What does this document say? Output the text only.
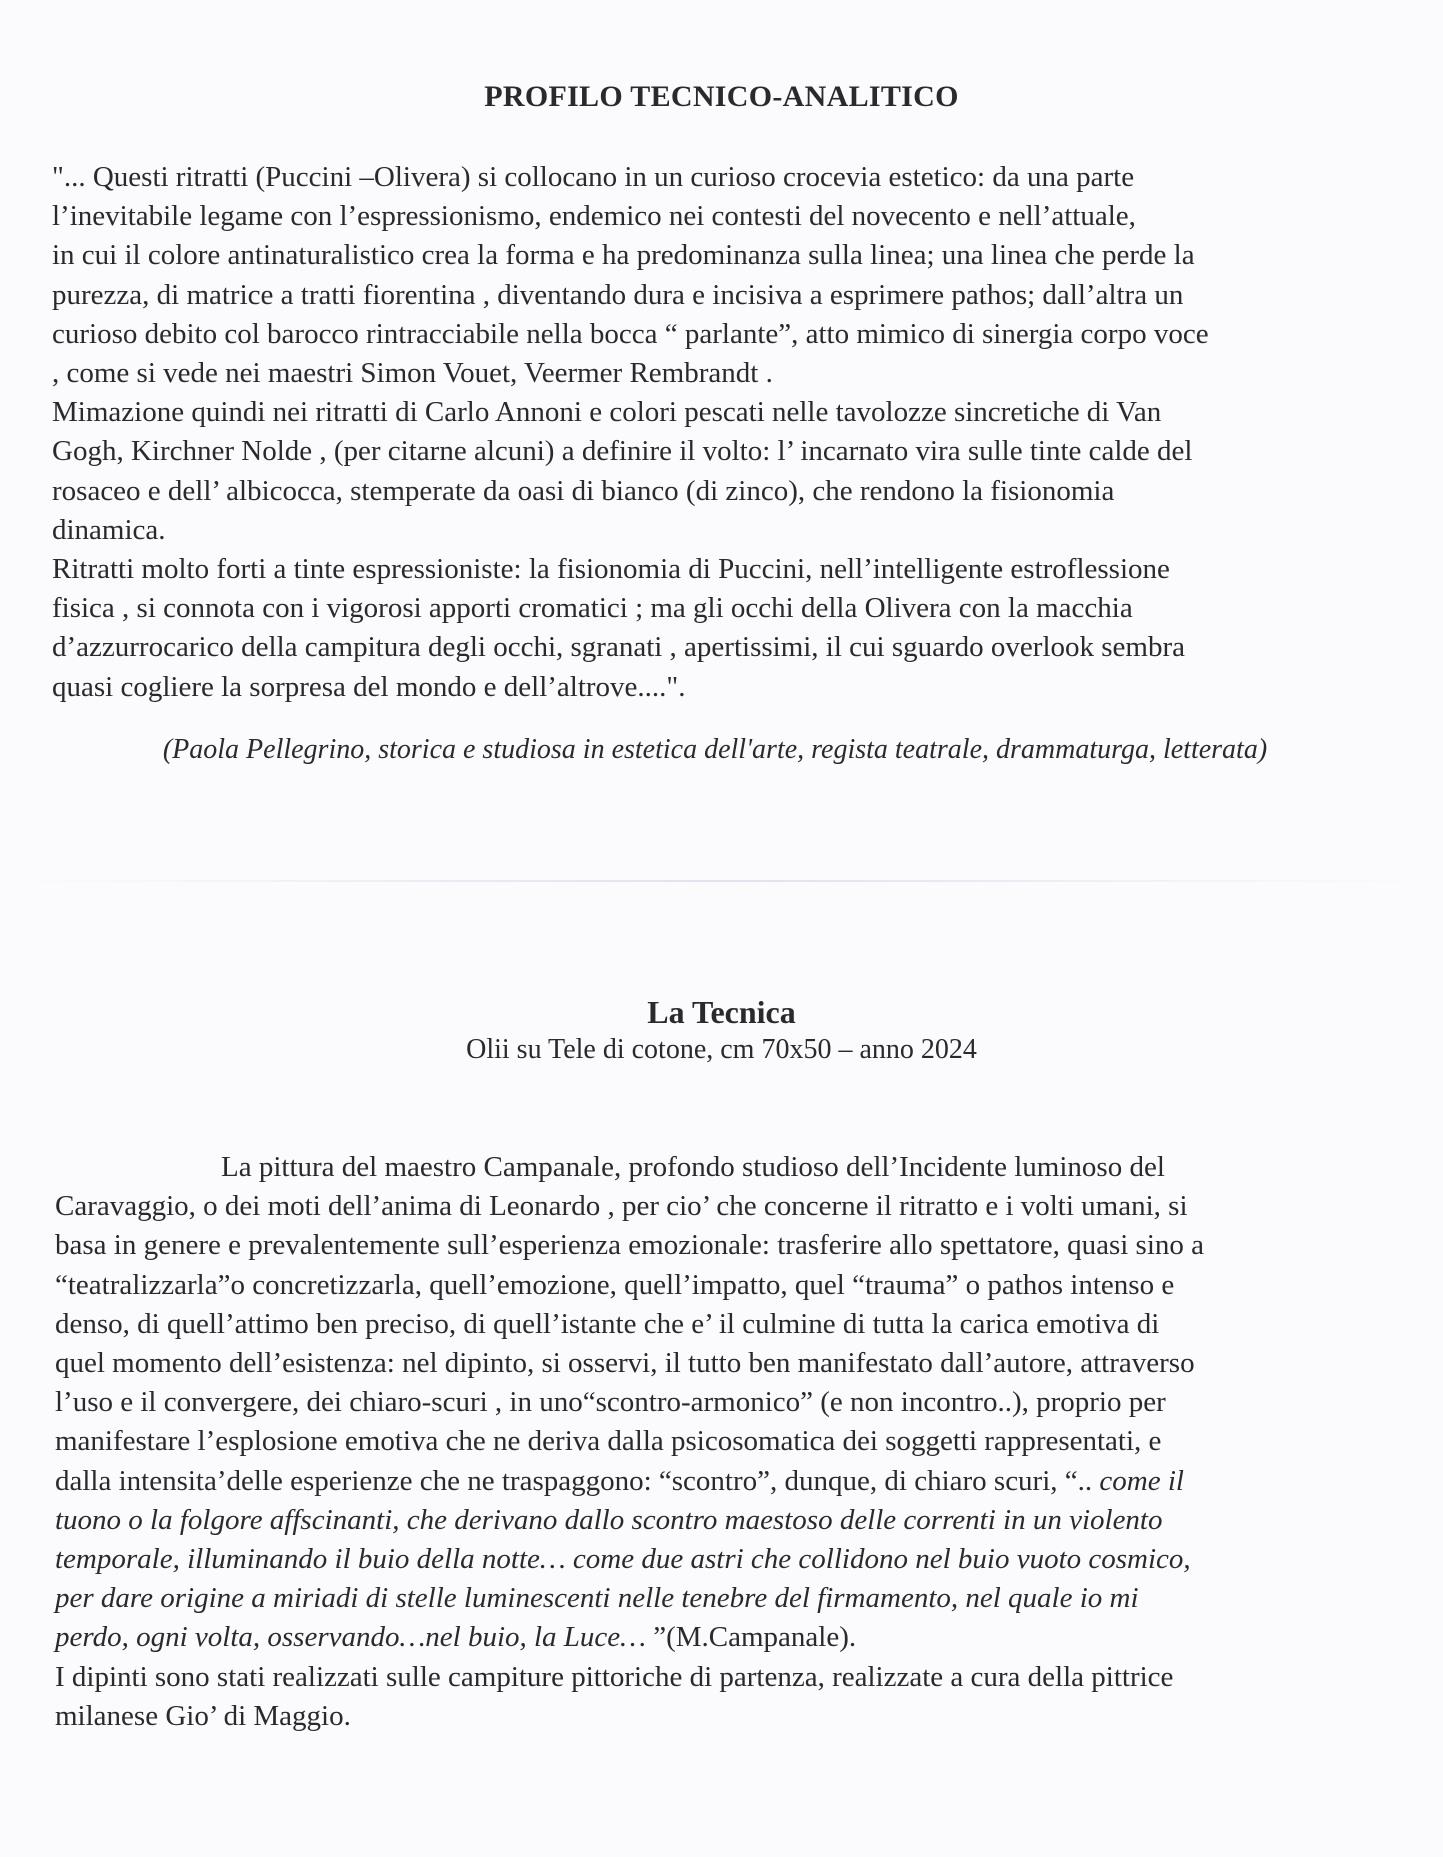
PROFILO TECNICO-ANALITICO
"... Questi ritratti (Puccini –Olivera) si collocano in un curioso crocevia estetico: da una parte
l’inevitabile legame con l’espressionismo, endemico nei contesti del novecento e nell’attuale,
in cui il colore antinaturalistico crea la forma e ha predominanza sulla linea; una linea che perde la
purezza, di matrice a tratti fiorentina , diventando dura e incisiva a esprimere pathos; dall’altra un
curioso debito col barocco rintracciabile nella bocca “ parlante”, atto mimico di sinergia corpo voce
, come si vede nei maestri Simon Vouet, Veermer Rembrandt .
Mimazione quindi nei ritratti di Carlo Annoni e colori pescati nelle tavolozze sincretiche di Van
Gogh, Kirchner Nolde , (per citarne alcuni) a definire il volto: l’ incarnato vira sulle tinte calde del
rosaceo e dell’ albicocca, stemperate da oasi di bianco (di zinco), che rendono la fisionomia
dinamica.
Ritratti molto forti a tinte espressioniste: la fisionomia di Puccini, nell’intelligente estroflessione
fisica , si connota con i vigorosi apporti cromatici ; ma gli occhi della Olivera con la macchia
d’azzurrocarico della campitura degli occhi, sgranati , apertissimi, il cui sguardo overlook sembra
quasi cogliere la sorpresa del mondo e dell’altrove....".
(Paola Pellegrino, storica e studiosa in estetica dell'arte, regista teatrale, drammaturga, letterata)
La Tecnica
Olii su Tele di cotone, cm 70x50 – anno 2024
La pittura del maestro Campanale, profondo studioso dell’Incidente luminoso del
Caravaggio, o dei moti dell’anima di Leonardo , per cio’ che concerne il ritratto e i volti umani, si
basa in genere e prevalentemente sull’esperienza emozionale: trasferire allo spettatore, quasi sino a
“teatralizzarla”o concretizzarla, quell’emozione, quell’impatto, quel “trauma” o pathos intenso e
denso, di quell’attimo ben preciso, di quell’istante che e’ il culmine di tutta la carica emotiva di
quel momento dell’esistenza: nel dipinto, si osservi, il tutto ben manifestato dall’autore, attraverso
l’uso e il convergere, dei chiaro-scuri , in uno“scontro-armonico” (e non incontro..), proprio per
manifestare l’esplosione emotiva che ne deriva dalla psicosomatica dei soggetti rappresentati, e
dalla intensita’delle esperienze che ne traspaggono: “scontro”, dunque, di chiaro scuri, “.. come il
tuono o la folgore affscinanti, che derivano dallo scontro maestoso delle correnti in un violento
temporale, illuminando il buio della notte… come due astri che collidono nel buio vuoto cosmico,
per dare origine a miriadi di stelle luminescenti nelle tenebre del firmamento, nel quale io mi
perdo, ogni volta, osservando…nel buio, la Luce… ”(M.Campanale).
I dipinti sono stati realizzati sulle campiture pittoriche di partenza, realizzate a cura della pittrice
milanese Gio’ di Maggio.
